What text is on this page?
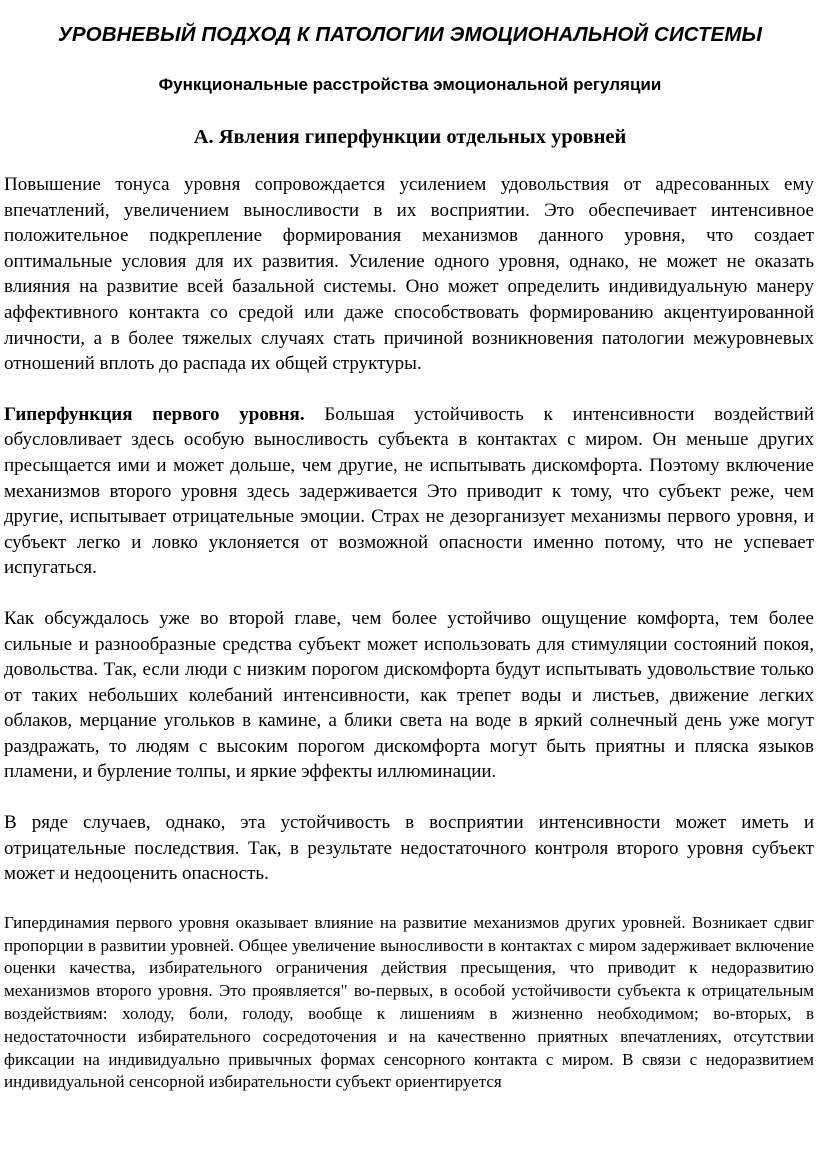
УРОВНЕВЫЙ ПОДХОД К ПАТОЛОГИИ ЭМОЦИОНАЛЬНОЙ СИСТЕМЫ
Функциональные расстройства эмоциональной регуляции
А. Явления гиперфункции отдельных уровней

Повышение тонуса уровня сопровождается усилением удовольствия от адресованных ему впечатлений, увеличением выносливости в их восприятии. Это обеспечивает интенсивное положительное подкрепление формирования механизмов данного уровня, что создает оптимальные условия для их развития. Усиление одного уровня, однако, не может не оказать влияния на развитие всей базальной системы. Оно может определить индивидуальную манеру аффективного контакта со средой или даже способствовать формированию акцентуированной личности, а в более тяжелых случаях стать причиной возникновения патологии межуровневых отношений вплоть до распада их общей структуры.

Гиперфункция первого уровня. Большая устойчивость к интенсивности воздействий обусловливает здесь особую выносливость субъекта в контактах с миром. Он меньше других пресыщается ими и может дольше, чем другие, не испытывать дискомфорта. Поэтому включение механизмов второго уровня здесь задерживается Это приводит к тому, что субъект реже, чем другие, испытывает отрицательные эмоции. Страх не дезорганизует механизмы первого уровня, и субъект легко и ловко уклоняется от возможной опасности именно потому, что не успевает испугаться.

Как обсуждалось уже во второй главе, чем более устойчиво ощущение комфорта, тем более сильные и разнообразные средства субъект может использовать для стимуляции состояний покоя, довольства. Так, если люди с низким порогом дискомфорта будут испытывать удовольствие только от таких небольших колебаний интенсивности, как трепет воды и листьев, движение легких облаков, мерцание угольков в камине, а блики света на воде в яркий солнечный день уже могут раздражать, то людям с высоким порогом дискомфорта могут быть приятны и пляска языков пламени, и бурление толпы, и яркие эффекты иллюминации.

В ряде случаев, однако, эта устойчивость в восприятии интенсивности может иметь и отрицательные последствия. Так, в результате недостаточного контроля второго уровня субъект может и недооценить опасность.

Гипердинамия первого уровня оказывает влияние на развитие механизмов других уровней. Возникает сдвиг пропорции в развитии уровней. Общее увеличение выносливости в контактах с миром задерживает включение оценки качества, избирательного ограничения действия пресыщения, что приводит к недоразвитию механизмов второго уровня. Это проявляется" во-первых, в особой устойчивости субъекта к отрицательным воздействиям: холоду, боли, голоду, вообще к лишениям в жизненно необходимом; во-вторых, в недостаточности избирательного сосредоточения и на качественно приятных впечатлениях, отсутствии фиксации на индивидуально привычных формах сенсорного контакта с миром. В связи с недоразвитием индивидуальной сенсорной избирательности субъект ориентируется
